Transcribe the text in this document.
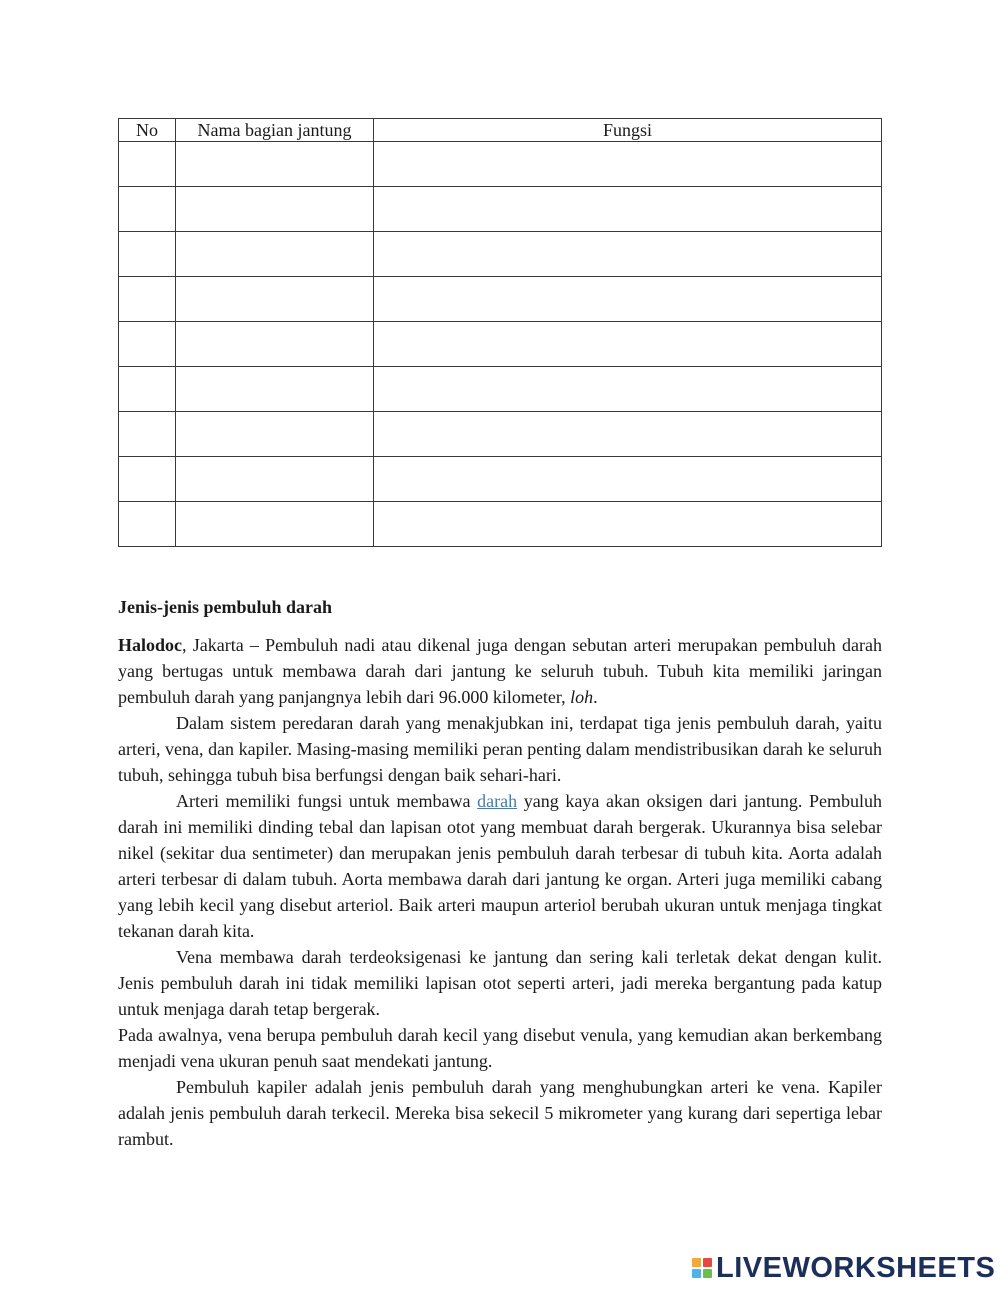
No	Nama bagian jantung	Fungsi

Jenis-jenis pembuluh darah

Halodoc, Jakarta – Pembuluh nadi atau dikenal juga dengan sebutan arteri merupakan pembuluh darah yang bertugas untuk membawa darah dari jantung ke seluruh tubuh. Tubuh kita memiliki jaringan pembuluh darah yang panjangnya lebih dari 96.000 kilometer, loh.

Dalam sistem peredaran darah yang menakjubkan ini, terdapat tiga jenis pembuluh darah, yaitu arteri, vena, dan kapiler. Masing-masing memiliki peran penting dalam mendistribusikan darah ke seluruh tubuh, sehingga tubuh bisa berfungsi dengan baik sehari-hari.

Arteri memiliki fungsi untuk membawa darah yang kaya akan oksigen dari jantung. Pembuluh darah ini memiliki dinding tebal dan lapisan otot yang membuat darah bergerak. Ukurannya bisa selebar nikel (sekitar dua sentimeter) dan merupakan jenis pembuluh darah terbesar di tubuh kita. Aorta adalah arteri terbesar di dalam tubuh. Aorta membawa darah dari jantung ke organ. Arteri juga memiliki cabang yang lebih kecil yang disebut arteriol. Baik arteri maupun arteriol berubah ukuran untuk menjaga tingkat tekanan darah kita.

Vena membawa darah terdeoksigenasi ke jantung dan sering kali terletak dekat dengan kulit. Jenis pembuluh darah ini tidak memiliki lapisan otot seperti arteri, jadi mereka bergantung pada katup untuk menjaga darah tetap bergerak.

Pada awalnya, vena berupa pembuluh darah kecil yang disebut venula, yang kemudian akan berkembang menjadi vena ukuran penuh saat mendekati jantung.

Pembuluh kapiler adalah jenis pembuluh darah yang menghubungkan arteri ke vena. Kapiler adalah jenis pembuluh darah terkecil. Mereka bisa sekecil 5 mikrometer yang kurang dari sepertiga lebar rambut.

LIVEWORKSHEETS
